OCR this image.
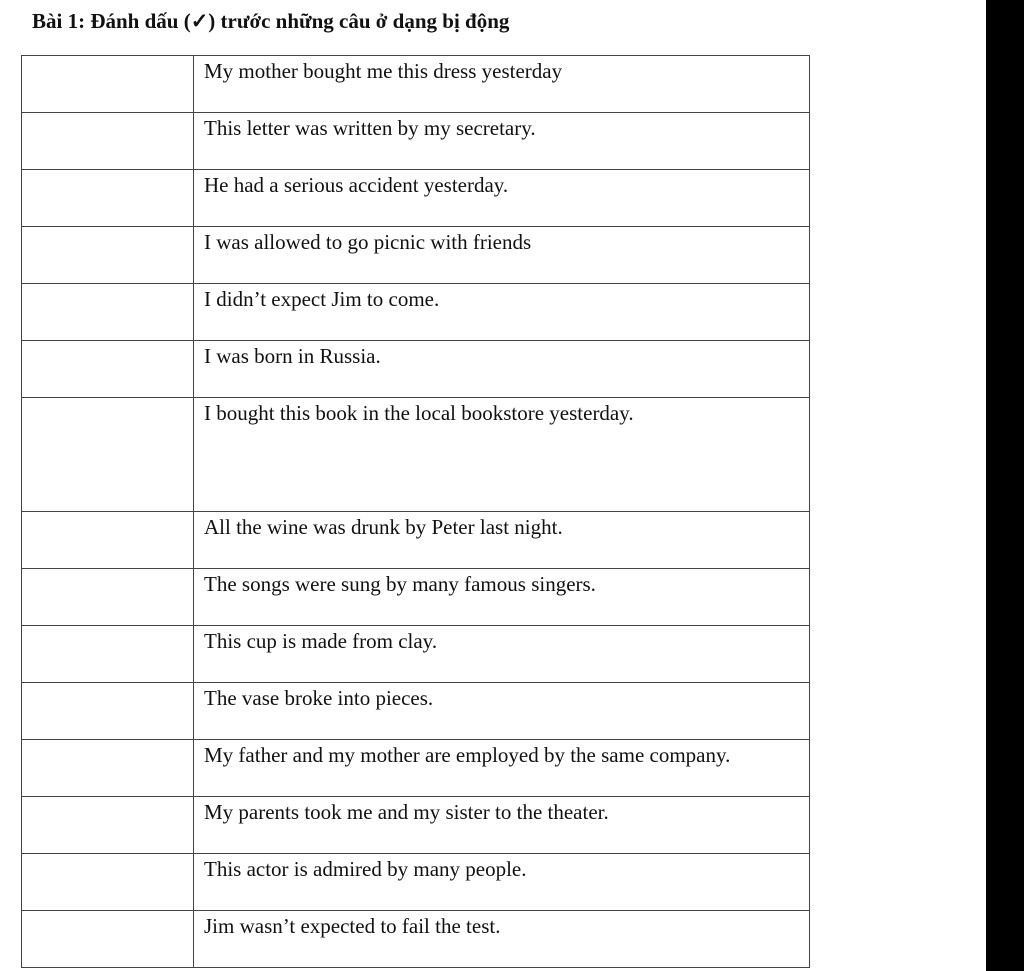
Bài 1: Đánh dấu (✓) trước những câu ở dạng bị động
	My mother bought me this dress yesterday
	This letter was written by my secretary.
	He had a serious accident yesterday.
	I was allowed to go picnic with friends
	I didn’t expect Jim to come.
	I was born in Russia.
	I bought this book in the local bookstore yesterday.
	All the wine was drunk by Peter last night.
	The songs were sung by many famous singers.
	This cup is made from clay.
	The vase broke into pieces.
	My father and my mother are employed by the same company.
	My parents took me and my sister to the theater.
	This actor is admired by many people.
	Jim wasn’t expected to fail the test.
